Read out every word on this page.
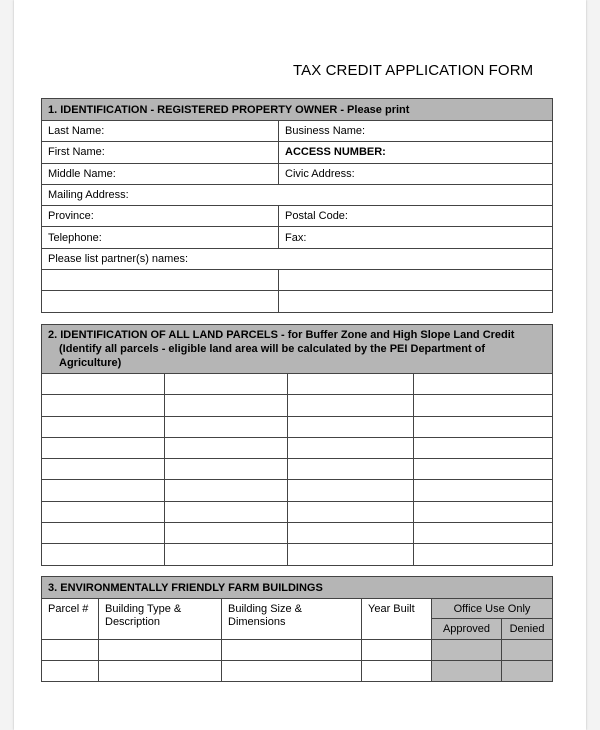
TAX CREDIT APPLICATION FORM
1. IDENTIFICATION - REGISTERED PROPERTY OWNER - Please print	
Last Name:	Business Name:
First Name:	ACCESS NUMBER:
Middle Name:	Civic Address:
Mailing Address:	
Province:	Postal Code:
Telephone:	Fax:
Please list partner(s) names:	

2. IDENTIFICATION OF ALL LAND PARCELS - for Buffer Zone and High Slope Land Credit
(Identify all parcels - eligible land area will be calculated by the PEI Department of Agriculture)			

3. ENVIRONMENTALLY FRIENDLY FARM BUILDINGS					
Parcel #	Building Type & Description	Building Size & Dimensions	Year Built	Office Use Only	
				Approved	Denied
